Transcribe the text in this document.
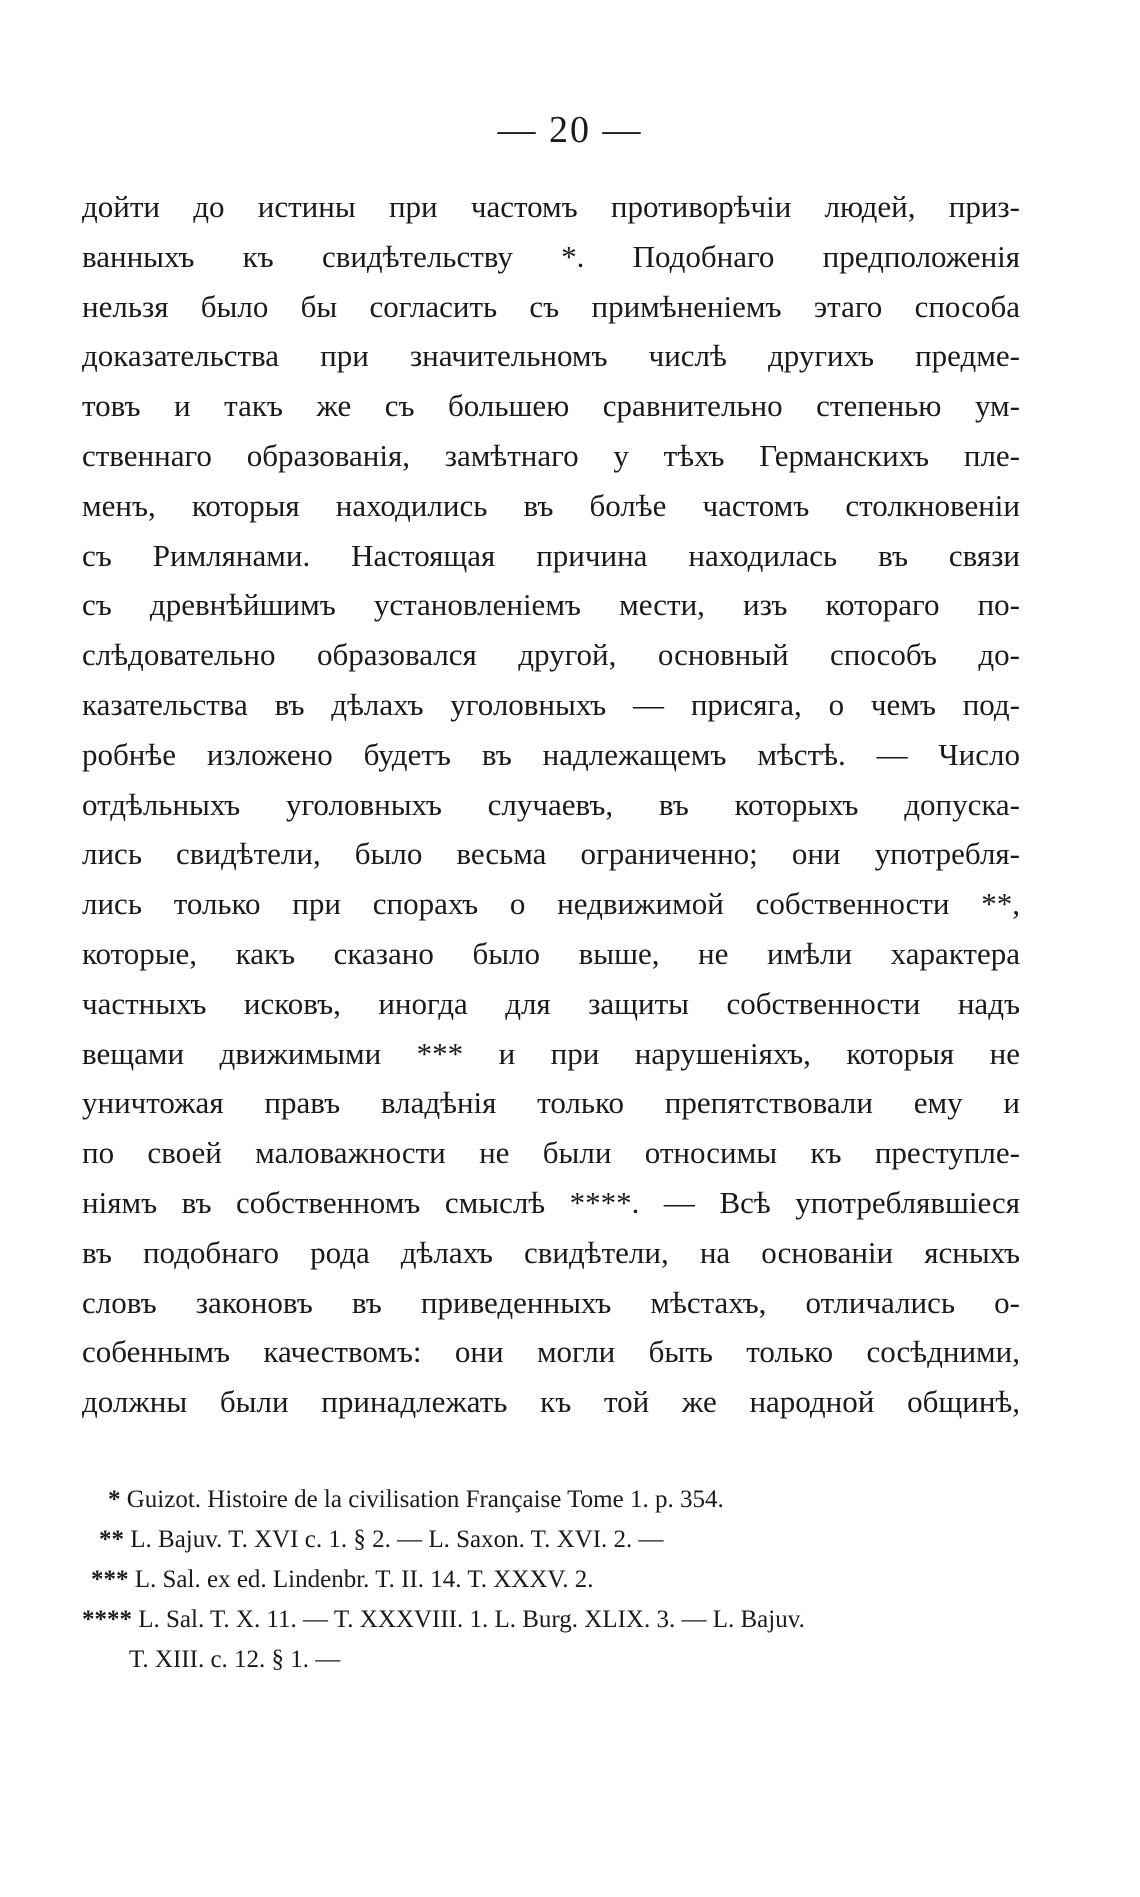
— 20 —
дойти до истины при частомъ противорѣчіи людей, приз-
ванныхъ къ свидѣтельству *. Подобнаго предположенія
нельзя было бы согласить съ примѣненіемъ этаго способа
доказательства при значительномъ числѣ другихъ предме-
товъ и такъ же съ большею сравнительно степенью ум-
ственнаго образованія, замѣтнаго у тѣхъ Германскихъ пле-
менъ, которыя находились въ болѣе частомъ столкновеніи
съ Римлянами. Настоящая причина находилась въ связи
съ древнѣйшимъ установленіемъ мести, изъ котораго по-
слѣдовательно образовался другой, основный способъ до-
казательства въ дѣлахъ уголовныхъ — присяга, о чемъ под-
робнѣе изложено будетъ въ надлежащемъ мѣстѣ. — Число
отдѣльныхъ уголовныхъ случаевъ, въ которыхъ допуска-
лись свидѣтели, было весьма ограниченно; они употребля-
лись только при спорахъ о недвижимой собственности **,
которые, какъ сказано было выше, не имѣли характера
частныхъ исковъ, иногда для защиты собственности надъ
вещами движимыми *** и при нарушеніяхъ, которыя не
уничтожая правъ владѣнія только препятствовали ему и
по своей маловажности не были относимы къ преступле-
ніямъ въ собственномъ смыслѣ ****. — Всѣ употреблявшіеся
въ подобнаго рода дѣлахъ свидѣтели, на основаніи ясныхъ
словъ законовъ въ приведенныхъ мѣстахъ, отличались о-
собеннымъ качествомъ: они могли быть только сосѣдними,
должны были принадлежать къ той же народной общинѣ,
* Guizot. Histoire de la civilisation Française Tome 1. p. 354.
** L. Bajuv. T. XVI c. 1. § 2. — L. Saxon. T. XVI. 2. —
*** L. Sal. ex ed. Lindenbr. T. II. 14. T. XXXV. 2.
**** L. Sal. T. X. 11. — T. XXXVIII. 1. L. Burg. XLIX. 3. — L. Bajuv.
T. XIII. c. 12. § 1. —
